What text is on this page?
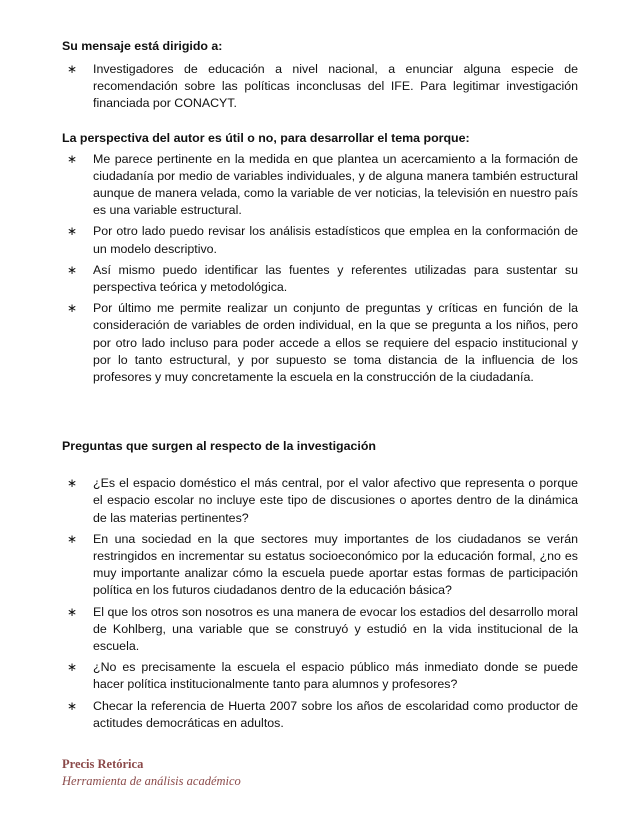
Su mensaje está dirigido a:

∗ Investigadores de educación a nivel nacional, a enunciar alguna especie de recomendación sobre las políticas inconclusas del IFE. Para legitimar investigación financiada por CONACYT.

La perspectiva del autor es útil o no, para desarrollar el tema porque:

∗ Me parece pertinente en la medida en que plantea un acercamiento a la formación de ciudadanía por medio de variables individuales, y de alguna manera también estructural aunque de manera velada, como la variable de ver noticias, la televisión en nuestro país es una variable estructural.
∗ Por otro lado puedo revisar los análisis estadísticos que emplea en la conformación de un modelo descriptivo.
∗ Así mismo puedo identificar las fuentes y referentes utilizadas para sustentar su perspectiva teórica y metodológica.
∗ Por último me permite realizar un conjunto de preguntas y críticas en función de la consideración de variables de orden individual, en la que se pregunta a los niños, pero por otro lado incluso para poder accede a ellos se requiere del espacio institucional y por lo tanto estructural, y por supuesto se toma distancia de la influencia de los profesores y muy concretamente la escuela en la construcción de la ciudadanía.

Preguntas que surgen al respecto de la investigación

∗ ¿Es el espacio doméstico el más central, por el valor afectivo que representa o porque el espacio escolar no incluye este tipo de discusiones o aportes dentro de la dinámica de las materias pertinentes?
∗ En una sociedad en la que sectores muy importantes de los ciudadanos se verán restringidos en incrementar su estatus socioeconómico por la educación formal, ¿no es muy importante analizar cómo la escuela puede aportar estas formas de participación política en los futuros ciudadanos dentro de la educación básica?
∗ El que los otros son nosotros es una manera de evocar los estadios del desarrollo moral de Kohlberg, una variable que se construyó y estudió en la vida institucional de la escuela.
∗ ¿No es precisamente la escuela el espacio público más inmediato donde se puede hacer política institucionalmente tanto para alumnos y profesores?
∗ Checar la referencia de Huerta 2007 sobre los años de escolaridad como productor de actitudes democráticas en adultos.
Precis Retórica
Herramienta de análisis académico
